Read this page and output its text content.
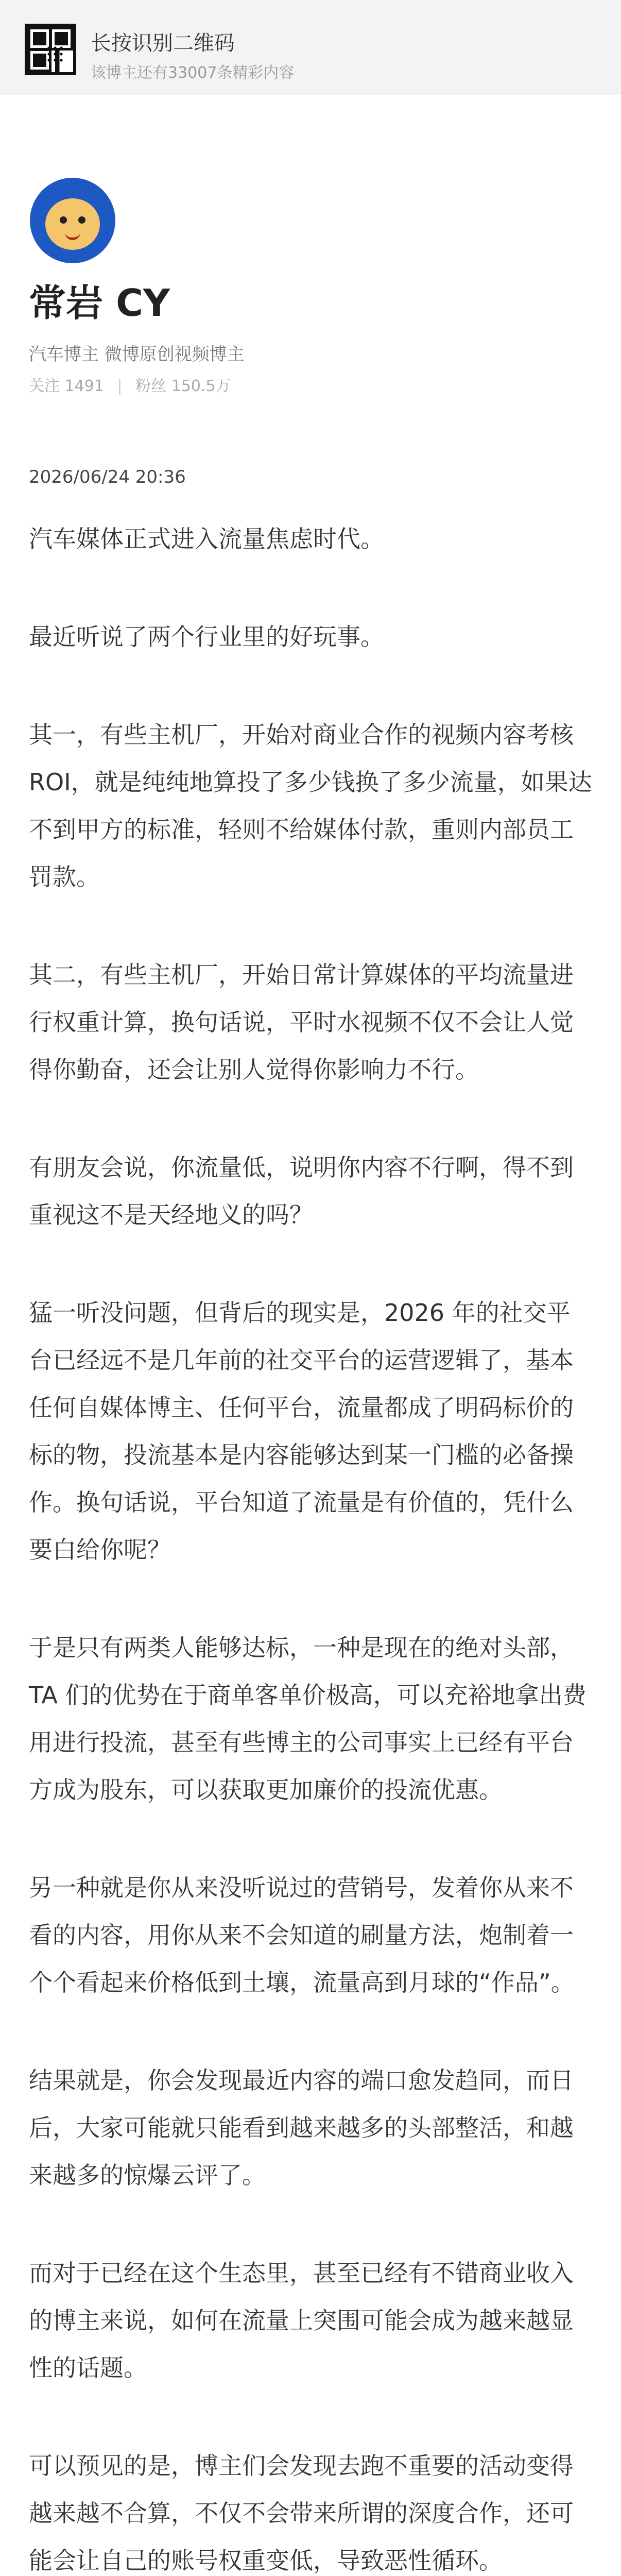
长按识别二维码
该博主还有33007条精彩内容
常岩 CY
汽车博主 微博原创视频博主
关注 1491 | 粉丝 150.5万
2026/06/24 20:36

汽车媒体正式进入流量焦虑时代。

最近听说了两个行业里的好玩事。

其一，有些主机厂，开始对商业合作的视频内容考核 ROI，就是纯纯地算投了多少钱换了多少流量，如果达不到甲方的标准，轻则不给媒体付款，重则内部员工罚款。

其二，有些主机厂，开始日常计算媒体的平均流量进行权重计算，换句话说，平时水视频不仅不会让人觉得你勤奋，还会让别人觉得你影响力不行。

有朋友会说，你流量低，说明你内容不行啊，得不到重视这不是天经地义的吗？

猛一听没问题，但背后的现实是，2026 年的社交平台已经远不是几年前的社交平台的运营逻辑了，基本任何自媒体博主、任何平台，流量都成了明码标价的标的物，投流基本是内容能够达到某一门槛的必备操作。换句话说，平台知道了流量是有价值的，凭什么要白给你呢？

于是只有两类人能够达标，一种是现在的绝对头部，TA 们的优势在于商单客单价极高，可以充裕地拿出费用进行投流，甚至有些博主的公司事实上已经有平台方成为股东，可以获取更加廉价的投流优惠。

另一种就是你从来没听说过的营销号，发着你从来不看的内容，用你从来不会知道的刷量方法，炮制着一个个看起来价格低到土壤，流量高到月球的“作品”。

结果就是，你会发现最近内容的端口愈发趋同，而日后，大家可能就只能看到越来越多的头部整活，和越来越多的惊爆云评了。

而对于已经在这个生态里，甚至已经有不错商业收入的博主来说，如何在流量上突围可能会成为越来越显性的话题。

可以预见的是，博主们会发现去跑不重要的活动变得越来越不合算，不仅不会带来所谓的深度合作，还可能会让自己的账号权重变低，导致恶性循环。
